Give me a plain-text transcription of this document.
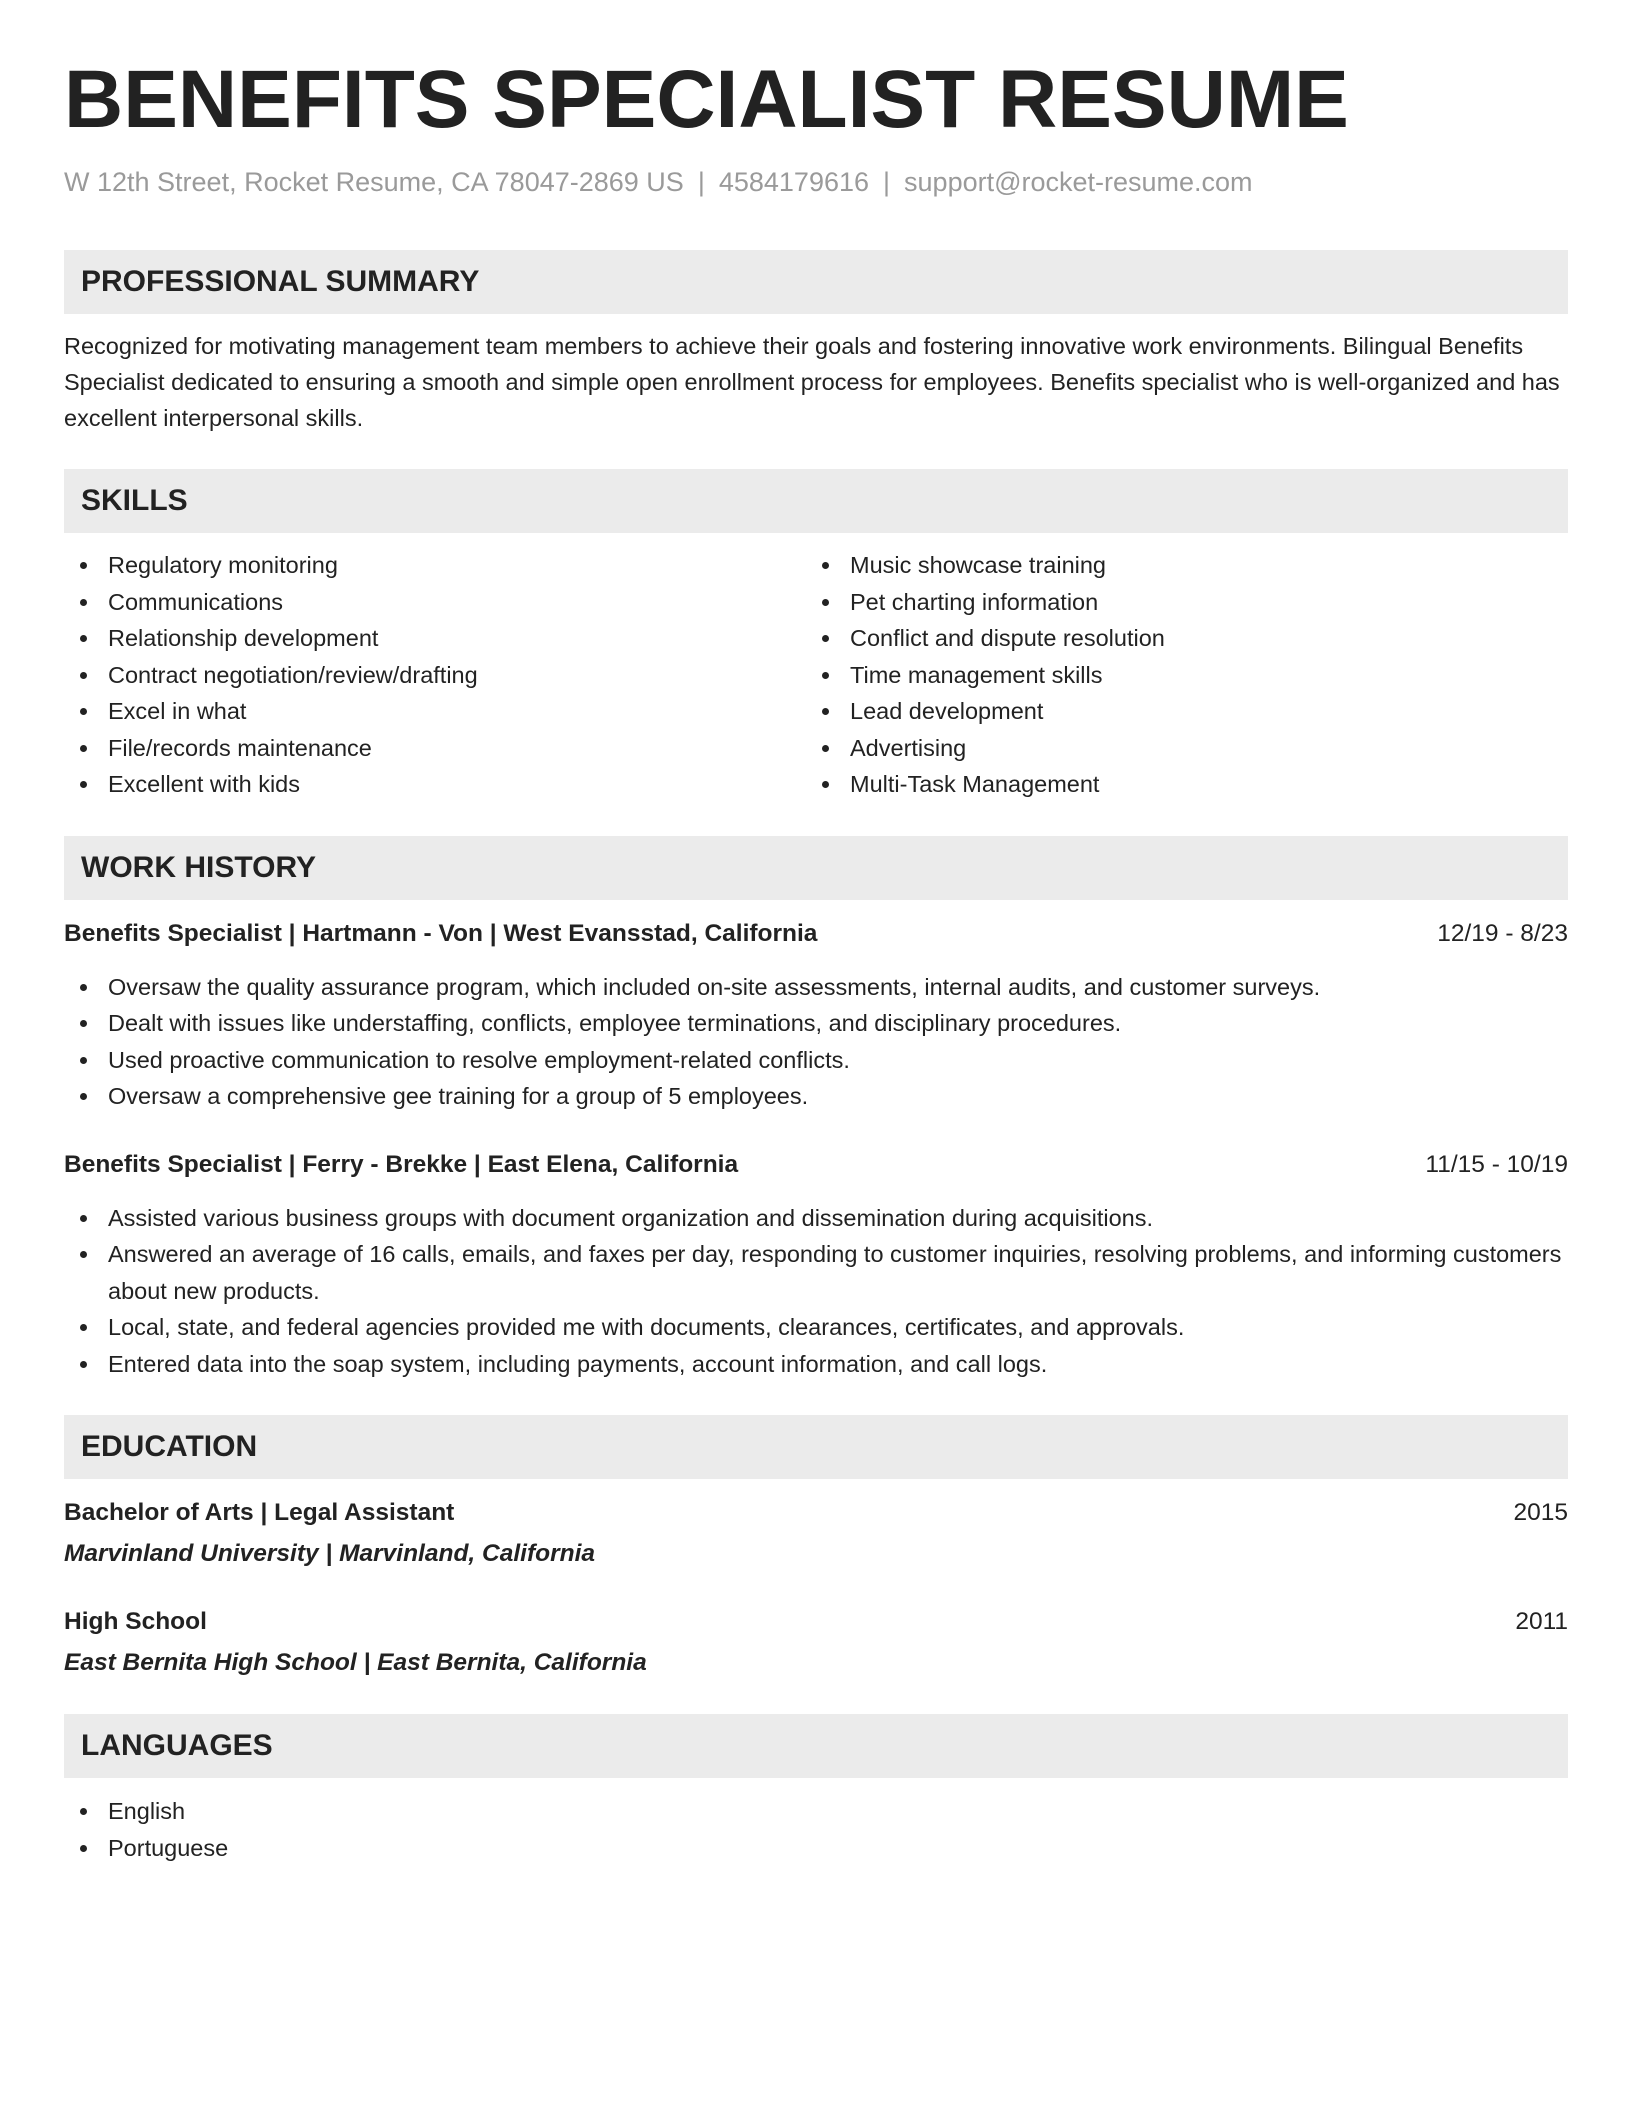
BENEFITS SPECIALIST RESUME
W 12th Street, Rocket Resume, CA 78047-2869 US | 4584179616 | support@rocket-resume.com
PROFESSIONAL SUMMARY
Recognized for motivating management team members to achieve their goals and fostering innovative work environments. Bilingual Benefits Specialist dedicated to ensuring a smooth and simple open enrollment process for employees. Benefits specialist who is well-organized and has excellent interpersonal skills.
SKILLS
Regulatory monitoring
Communications
Relationship development
Contract negotiation/review/drafting
Excel in what
File/records maintenance
Excellent with kids
Music showcase training
Pet charting information
Conflict and dispute resolution
Time management skills
Lead development
Advertising
Multi-Task Management
WORK HISTORY
Benefits Specialist | Hartmann - Von | West Evansstad, California	12/19 - 8/23
Oversaw the quality assurance program, which included on-site assessments, internal audits, and customer surveys.
Dealt with issues like understaffing, conflicts, employee terminations, and disciplinary procedures.
Used proactive communication to resolve employment-related conflicts.
Oversaw a comprehensive gee training for a group of 5 employees.
Benefits Specialist | Ferry - Brekke | East Elena, California	11/15 - 10/19
Assisted various business groups with document organization and dissemination during acquisitions.
Answered an average of 16 calls, emails, and faxes per day, responding to customer inquiries, resolving problems, and informing customers about new products.
Local, state, and federal agencies provided me with documents, clearances, certificates, and approvals.
Entered data into the soap system, including payments, account information, and call logs.
EDUCATION
Bachelor of Arts | Legal Assistant	2015
Marvinland University | Marvinland, California
High School	2011
East Bernita High School | East Bernita, California
LANGUAGES
English
Portuguese
